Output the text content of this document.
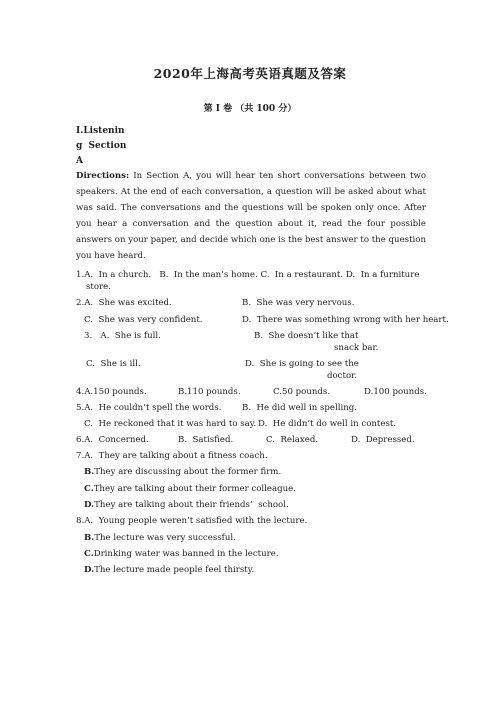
2020年上海高考英语真题及答案
第 I 卷 （共 100 分）
I.Listenin
g  Section
A
Directions: In Section A, you will hear ten short conversations between two speakers. At the end of each conversation, a question will be asked about what was said. The conversations and the questions will be spoken only once. After you hear a conversation and the question about it, read the four possible answers on your paper, and decide which one is the best answer to the question you have heard.
1.A.  In a church.   B.  In the man’s home. C.  In a restaurant. D.  In a furniture
store.
2.A.  She was excited.	B.  She was very nervous.
C.  She was very confident.	D.  There was something wrong with her heart.
3.   A.  She is full.	B.  She doesn’t like that
snack bar.
C.  She is ill.	D.  She is going to see the
doctor.
4.A.150 pounds.	B.110 pounds.	C.50 pounds.	D.100 pounds.
5.A.  He couldn’t spell the words. B.  He did well in spelling.
C.  He reckoned that it was hard to say. D.  He didn’t do well in contest.
6.A.  Concerned.	B.  Satisfied.	C.  Relaxed.	D.  Depressed.
7.A.  They are talking about a fitness coach.
B.They are discussing about the former firm.
C.They are talking about their former colleague.
D.They are talking about their friends’  school.
8.A.  Young people weren’t satisfied with the lecture.
B.The lecture was very successful.
C.Drinking water was banned in the lecture.
D.The lecture made people feel thirsty.
